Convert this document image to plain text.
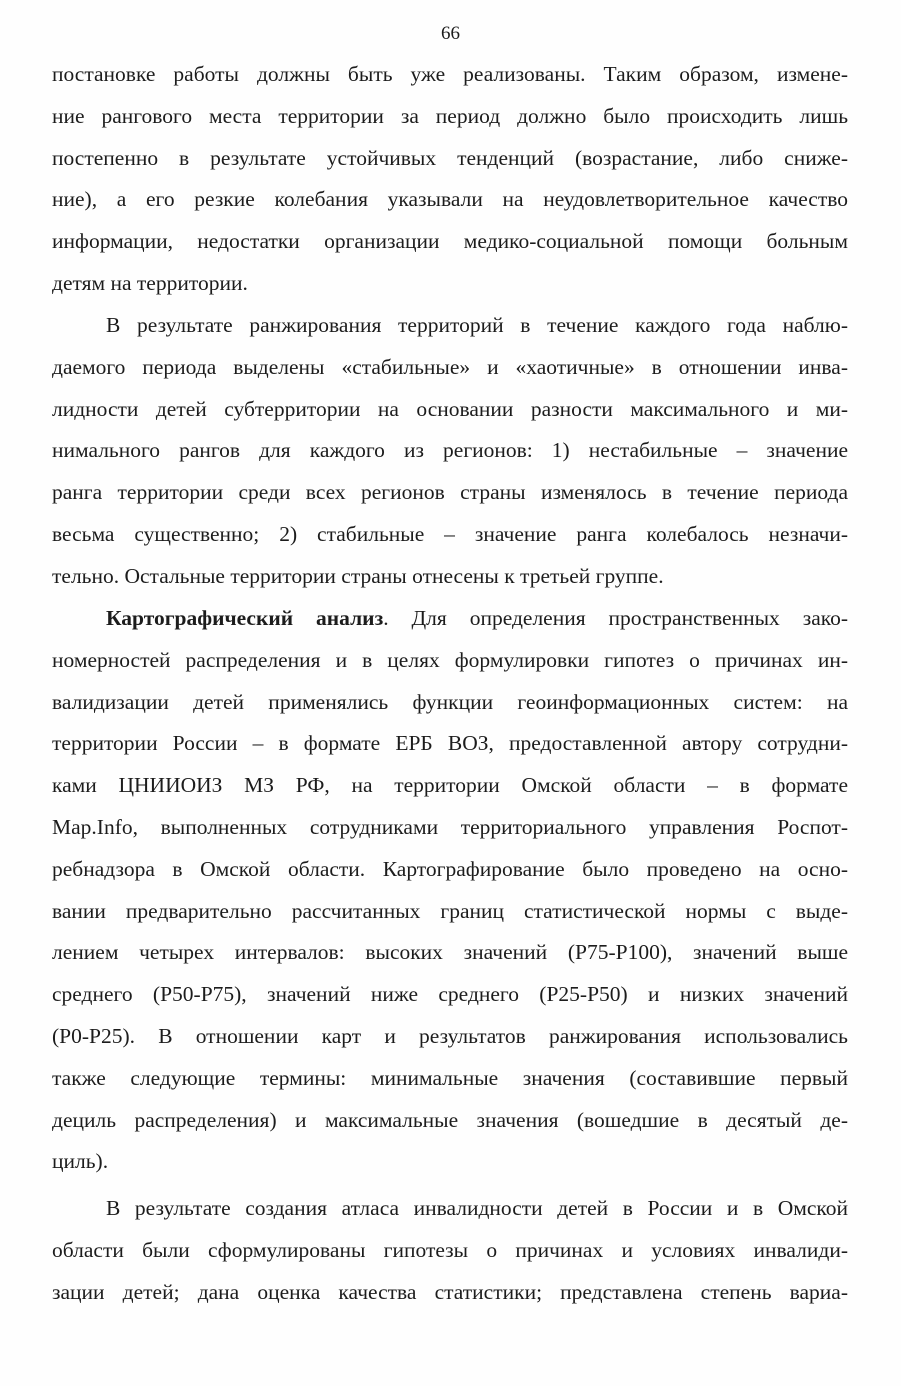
66
постановке работы должны быть уже реализованы. Таким образом, измене-
ние рангового места территории за период должно было происходить лишь
постепенно в результате устойчивых тенденций (возрастание, либо сниже-
ние), а его резкие колебания указывали на неудовлетворительное качество
информации, недостатки организации медико-социальной помощи больным
детям на территории.
В результате ранжирования территорий в течение каждого года наблю-
даемого периода выделены «стабильные» и «хаотичные» в отношении инва-
лидности детей субтерритории на основании разности максимального и ми-
нимального рангов для каждого из регионов: 1) нестабильные – значение
ранга территории среди всех регионов страны изменялось в течение периода
весьма существенно; 2) стабильные – значение ранга колебалось незначи-
тельно. Остальные территории страны отнесены к третьей группе.
Картографический анализ. Для определения пространственных зако-
номерностей распределения и в целях формулировки гипотез о причинах ин-
валидизации детей применялись функции геоинформационных систем: на
территории России – в формате ЕРБ ВОЗ, предоставленной автору сотрудни-
ками ЦНИИОИЗ МЗ РФ, на территории Омской области – в формате
Map.Info, выполненных сотрудниками территориального управления Роспот-
ребнадзора в Омской области. Картографирование было проведено на осно-
вании предварительно рассчитанных границ статистической нормы с выде-
лением четырех интервалов: высоких значений (P75-P100), значений выше
среднего (P50-P75), значений ниже среднего (P25-P50) и низких значений
(P0-P25). В отношении карт и результатов ранжирования использовались
также следующие термины: минимальные значения (составившие первый
дециль распределения) и максимальные значения (вошедшие в десятый де-
циль).
В результате создания атласа инвалидности детей в России и в Омской
области были сформулированы гипотезы о причинах и условиях инвалиди-
зации детей; дана оценка качества статистики; представлена степень вариа-
